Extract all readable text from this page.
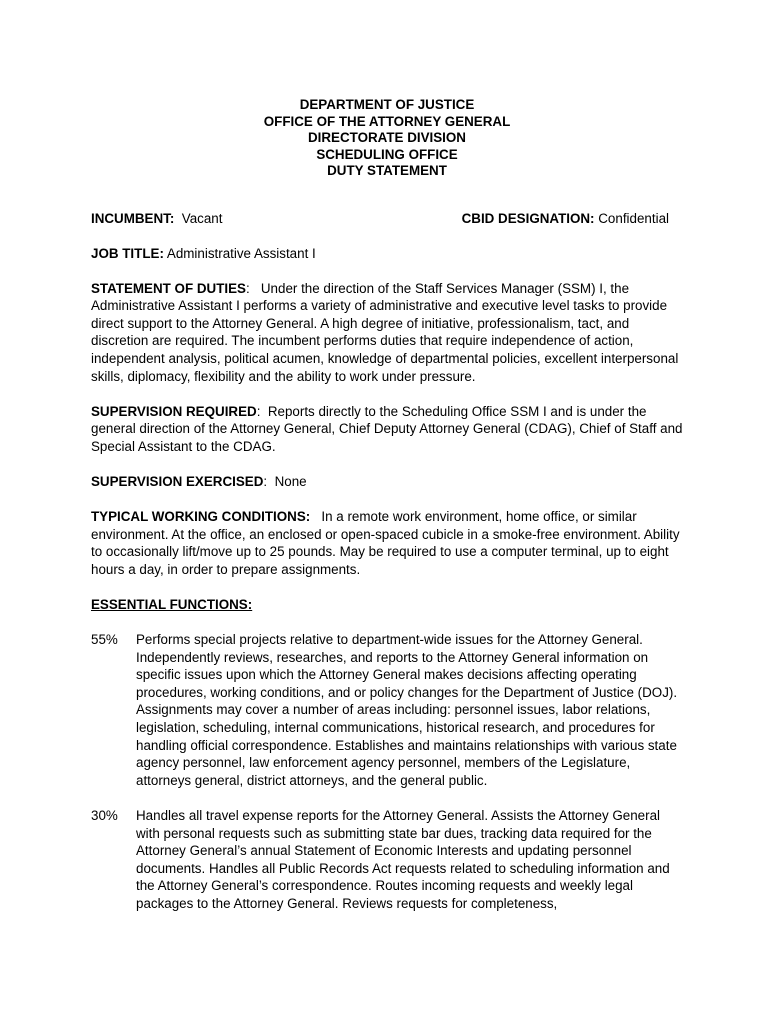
DEPARTMENT OF JUSTICE
OFFICE OF THE ATTORNEY GENERAL
DIRECTORATE DIVISION
SCHEDULING OFFICE
DUTY STATEMENT
INCUMBENT: Vacant	CBID DESIGNATION: Confidential
JOB TITLE: Administrative Assistant I
STATEMENT OF DUTIES:   Under the direction of the Staff Services Manager (SSM) I, the Administrative Assistant I performs a variety of administrative and executive level tasks to provide direct support to the Attorney General. A high degree of initiative, professionalism, tact, and discretion are required. The incumbent performs duties that require independence of action, independent analysis, political acumen, knowledge of departmental policies, excellent interpersonal skills, diplomacy, flexibility and the ability to work under pressure.
SUPERVISION REQUIRED:  Reports directly to the Scheduling Office SSM I and is under the general direction of the Attorney General, Chief Deputy Attorney General (CDAG), Chief of Staff and Special Assistant to the CDAG.
SUPERVISION EXERCISED:  None
TYPICAL WORKING CONDITIONS: In a remote work environment, home office, or similar environment. At the office, an enclosed or open-spaced cubicle in a smoke-free environment. Ability to occasionally lift/move up to 25 pounds. May be required to use a computer terminal, up to eight hours a day, in order to prepare assignments.
ESSENTIAL FUNCTIONS:
55% Performs special projects relative to department-wide issues for the Attorney General. Independently reviews, researches, and reports to the Attorney General information on specific issues upon which the Attorney General makes decisions affecting operating procedures, working conditions, and or policy changes for the Department of Justice (DOJ). Assignments may cover a number of areas including: personnel issues, labor relations, legislation, scheduling, internal communications, historical research, and procedures for handling official correspondence. Establishes and maintains relationships with various state agency personnel, law enforcement agency personnel, members of the Legislature, attorneys general, district attorneys, and the general public.
30% Handles all travel expense reports for the Attorney General. Assists the Attorney General with personal requests such as submitting state bar dues, tracking data required for the Attorney General’s annual Statement of Economic Interests and updating personnel documents. Handles all Public Records Act requests related to scheduling information and the Attorney General’s correspondence. Routes incoming requests and weekly legal packages to the Attorney General. Reviews requests for completeness,
